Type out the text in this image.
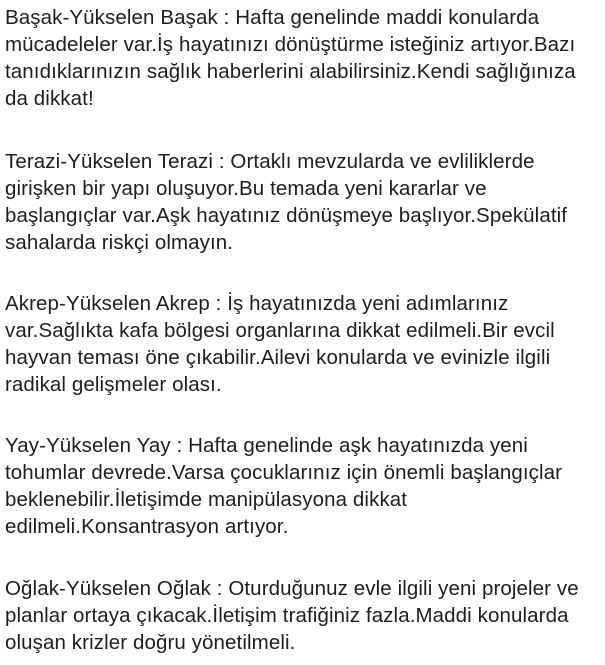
Başak-Yükselen Başak : Hafta genelinde maddi konularda
mücadeleler var.İş hayatınızı dönüştürme isteğiniz artıyor.Bazı
tanıdıklarınızın sağlık haberlerini alabilirsiniz.Kendi sağlığınıza
da dikkat!

Terazi-Yükselen Terazi : Ortaklı mevzularda ve evliliklerde
girişken bir yapı oluşuyor.Bu temada yeni kararlar ve
başlangıçlar var.Aşk hayatınız dönüşmeye başlıyor.Spekülatif
sahalarda riskçi olmayın.

Akrep-Yükselen Akrep : İş hayatınızda yeni adımlarınız
var.Sağlıkta kafa bölgesi organlarına dikkat edilmeli.Bir evcil
hayvan teması öne çıkabilir.Ailevi konularda ve evinizle ilgili
radikal gelişmeler olası.

Yay-Yükselen Yay : Hafta genelinde aşk hayatınızda yeni
tohumlar devrede.Varsa çocuklarınız için önemli başlangıçlar
beklenebilir.İletişimde manipülasyona dikkat
edilmeli.Konsantrasyon artıyor.

Oğlak-Yükselen Oğlak : Oturduğunuz evle ilgili yeni projeler ve
planlar ortaya çıkacak.İletişim trafiğiniz fazla.Maddi konularda
oluşan krizler doğru yönetilmeli.
